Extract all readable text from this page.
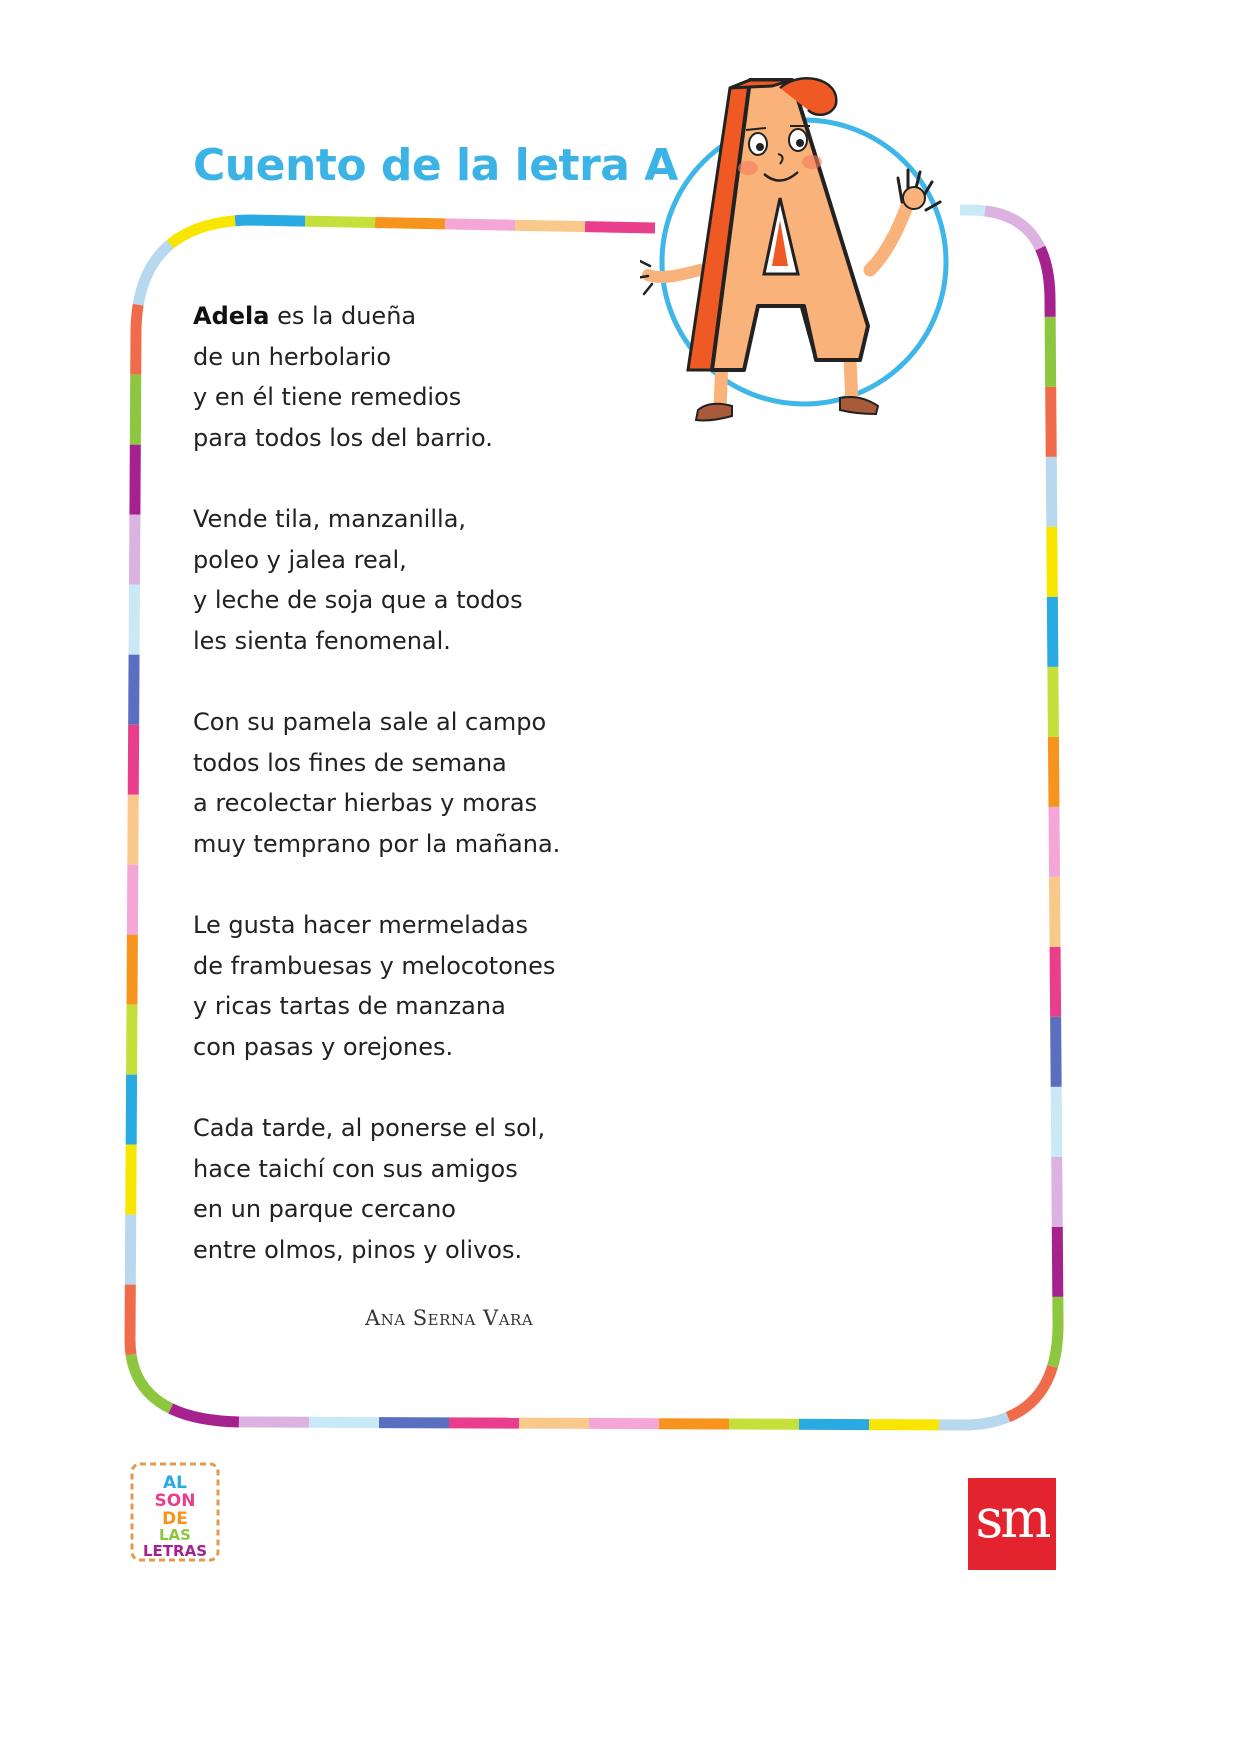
Cuento de la letra A
Adela es la dueña
de un herbolario
y en él tiene remedios
para todos los del barrio.
Vende tila, manzanilla,
poleo y jalea real,
y leche de soja que a todos
les sienta fenomenal.
Con su pamela sale al campo
todos los fines de semana
a recolectar hierbas y moras
muy temprano por la mañana.
Le gusta hacer mermeladas
de frambuesas y melocotones
y ricas tartas de manzana
con pasas y orejones.
Cada tarde, al ponerse el sol,
hace taichí con sus amigos
en un parque cercano
entre olmos, pinos y olivos.
Ana Serna Vara
AL
SON
DE
LAS
LETRAS
sm
